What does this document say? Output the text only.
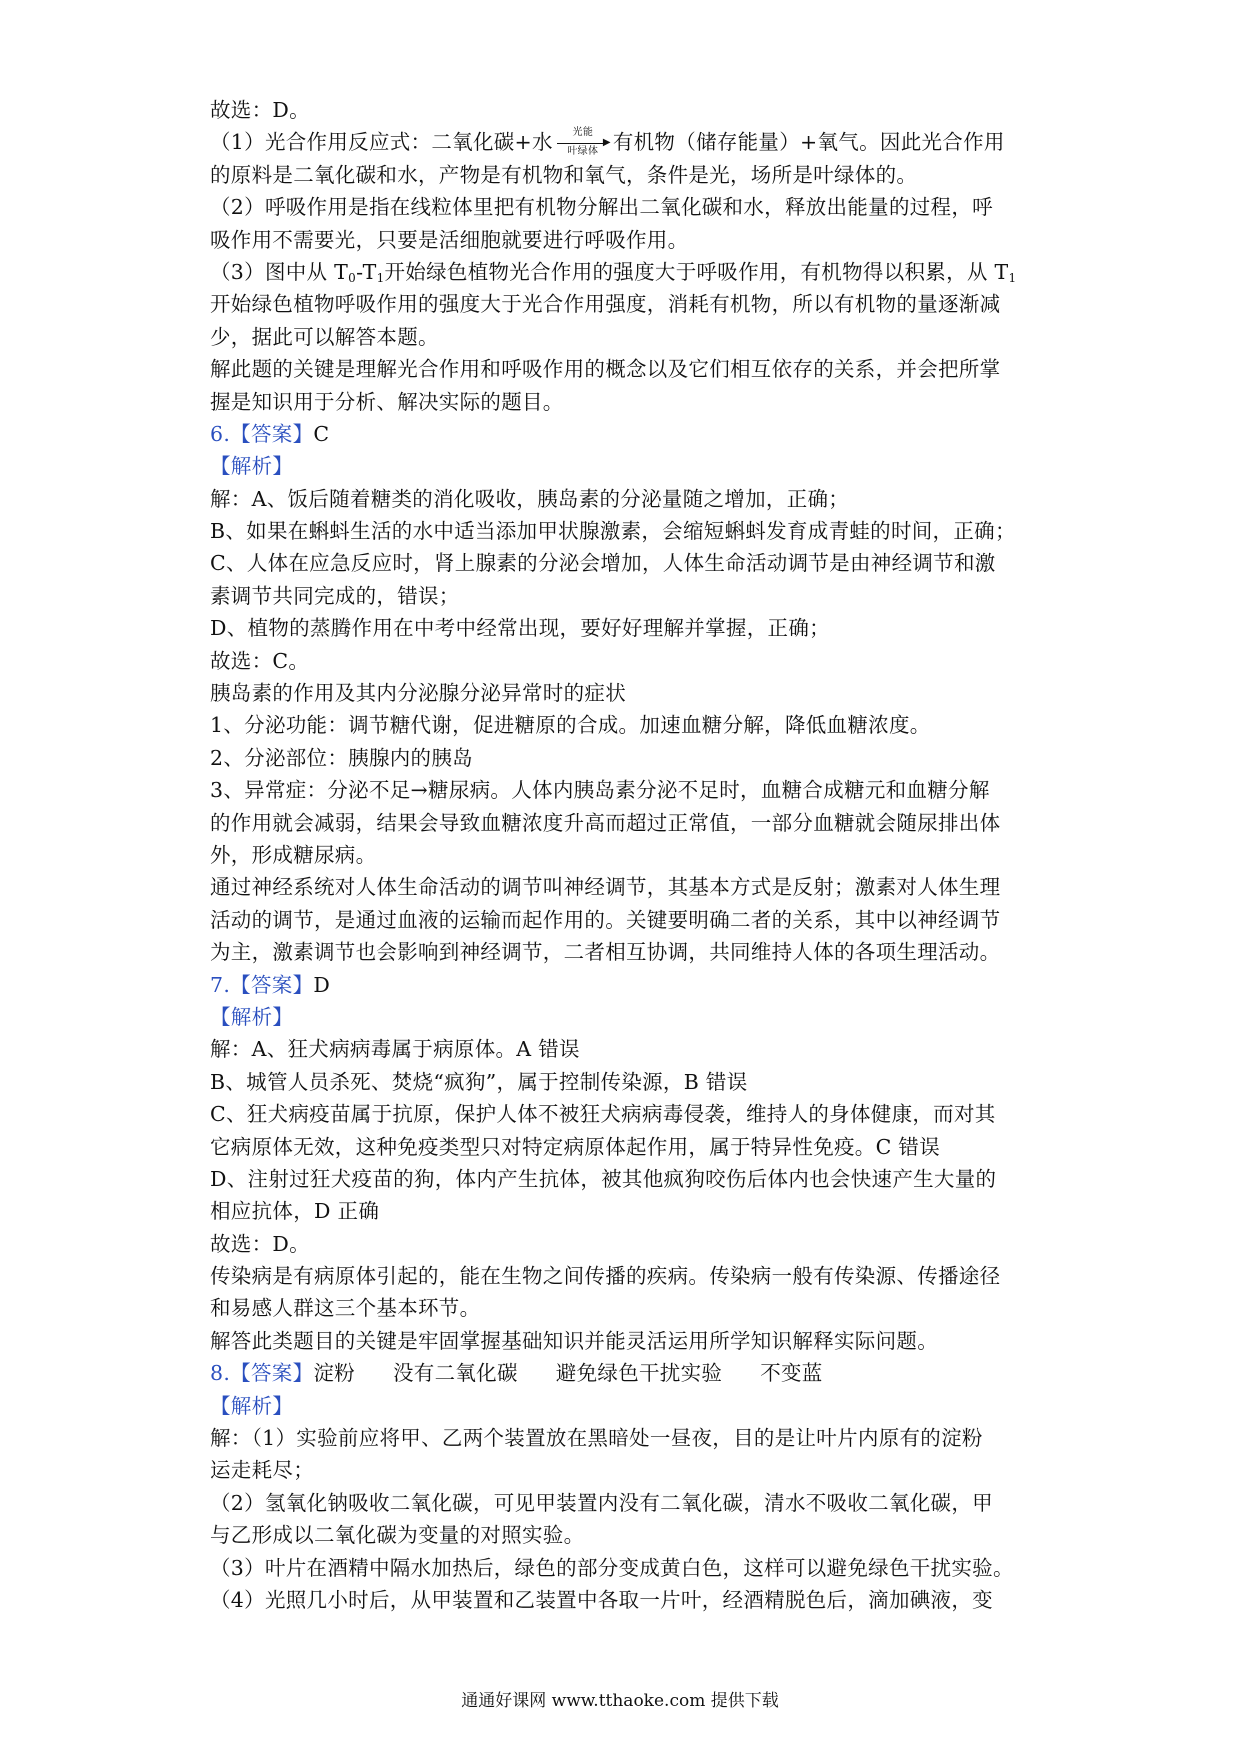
故选：D。
（1）光合作用反应式：二氧化碳+水	光能
▶
叶绿体 有机物（储存能量）+氧气。因此光合作用
的原料是二氧化碳和水，产物是有机物和氧气，条件是光，场所是叶绿体的。
（2）呼吸作用是指在线粒体里把有机物分解出二氧化碳和水，释放出能量的过程，呼
吸作用不需要光，只要是活细胞就要进行呼吸作用。
（3）图中从 $T_0-T_1$开始绿色植物光合作用的强度大于呼吸作用，有机物得以积累，从 $T_1$
开始绿色植物呼吸作用的强度大于光合作用强度，消耗有机物，所以有机物的量逐渐减
少，据此可以解答本题。
解此题的关键是理解光合作用和呼吸作用的概念以及它们相互依存的关系，并会把所掌
握是知识用于分析、解决实际的题目。
6.【答案】C
【解析】
解：A、饭后随着糖类的消化吸收，胰岛素的分泌量随之增加，正确；
B、如果在蝌蚪生活的水中适当添加甲状腺激素，会缩短蝌蚪发育成青蛙的时间，正确；
C、人体在应急反应时，肾上腺素的分泌会增加，人体生命活动调节是由神经调节和激
素调节共同完成的，错误；
D、植物的蒸腾作用在中考中经常出现，要好好理解并掌握，正确；
故选：C。
胰岛素的作用及其内分泌腺分泌异常时的症状
1、分泌功能：调节糖代谢，促进糖原的合成。加速血糖分解，降低血糖浓度。
2、分泌部位：胰腺内的胰岛
3、异常症：分泌不足→糖尿病。人体内胰岛素分泌不足时，血糖合成糖元和血糖分解
的作用就会减弱，结果会导致血糖浓度升高而超过正常值，一部分血糖就会随尿排出体
外，形成糖尿病。
通过神经系统对人体生命活动的调节叫神经调节，其基本方式是反射；激素对人体生理
活动的调节，是通过血液的运输而起作用的。关键要明确二者的关系，其中以神经调节
为主，激素调节也会影响到神经调节，二者相互协调，共同维持人体的各项生理活动。
7.【答案】D
【解析】
解：A、狂犬病病毒属于病原体。A 错误
B、城管人员杀死、焚烧“疯狗”，属于控制传染源，B 错误
C、狂犬病疫苗属于抗原，保护人体不被狂犬病病毒侵袭，维持人的身体健康，而对其
它病原体无效，这种免疫类型只对特定病原体起作用，属于特异性免疫。C 错误
D、注射过狂犬疫苗的狗，体内产生抗体，被其他疯狗咬伤后体内也会快速产生大量的
相应抗体，D 正确
故选：D。
传染病是有病原体引起的，能在生物之间传播的疾病。传染病一般有传染源、传播途径
和易感人群这三个基本环节。
解答此类题目的关键是牢固掌握基础知识并能灵活运用所学知识解释实际问题。
8.【答案】淀粉 没有二氧化碳 避免绿色干扰实验 不变蓝
【解析】
解：（1）实验前应将甲、乙两个装置放在黑暗处一昼夜，目的是让叶片内原有的淀粉
运走耗尽；
（2）氢氧化钠吸收二氧化碳，可见甲装置内没有二氧化碳，清水不吸收二氧化碳，甲
与乙形成以二氧化碳为变量的对照实验。
（3）叶片在酒精中隔水加热后，绿色的部分变成黄白色，这样可以避免绿色干扰实验。
（4）光照几小时后，从甲装置和乙装置中各取一片叶，经酒精脱色后，滴加碘液，变
通通好课网 www.tthaoke.com 提供下载
